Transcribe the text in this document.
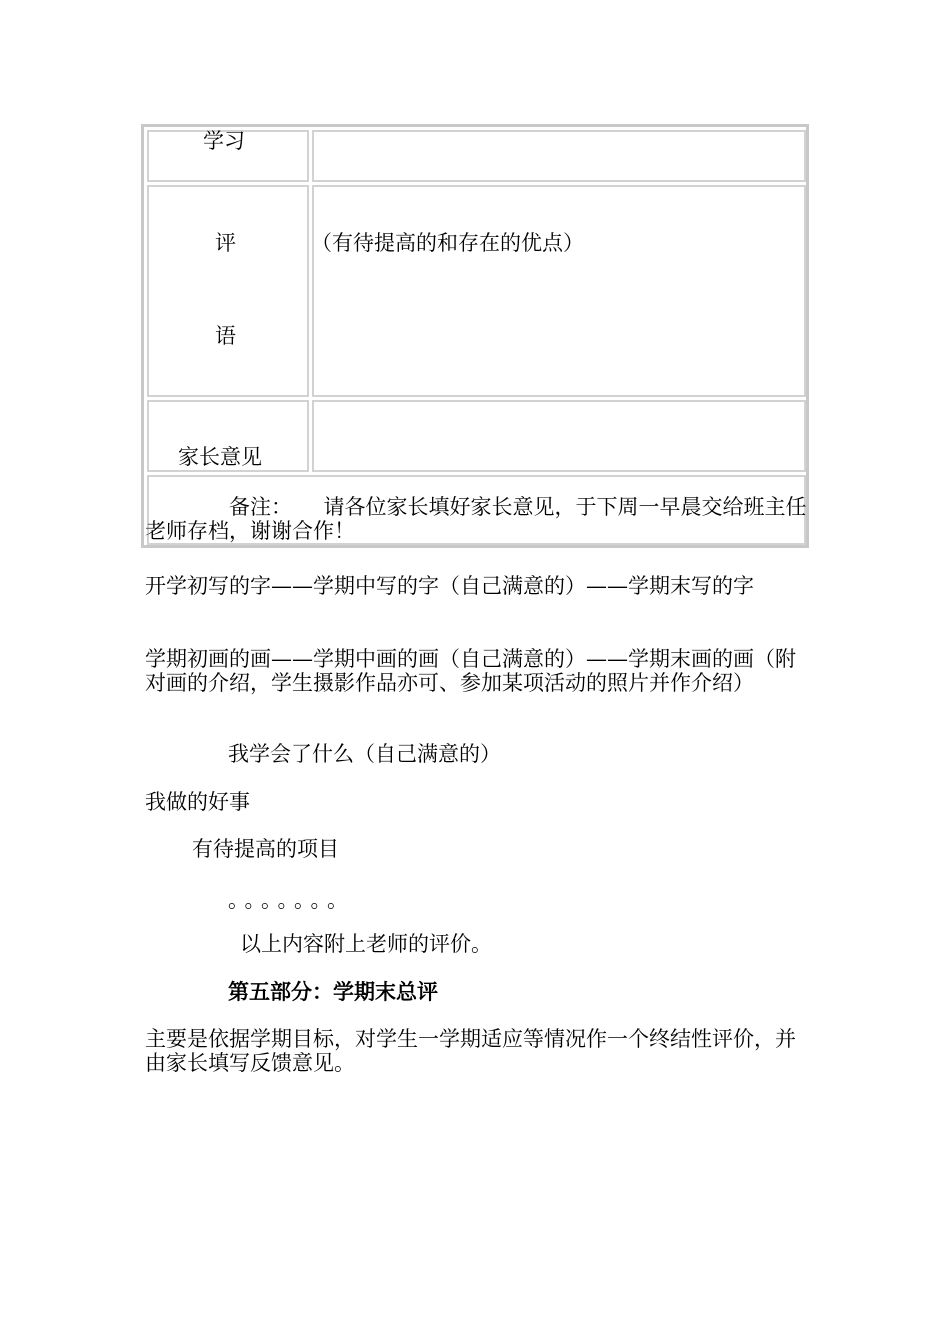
学习
评
语
（有待提高的和存在的优点）
家长意见
备注：　　请各位家长填好家长意见，于下周一早晨交给班主任老师存档，谢谢合作！
开学初写的字——学期中写的字（自己满意的）——学期末写的字
学期初画的画——学期中画的画（自己满意的）——学期末画的画（附对画的介绍，学生摄影作品亦可、参加某项活动的照片并作介绍）
我学会了什么（自己满意的）
我做的好事
有待提高的项目
。。。。。。。
以上内容附上老师的评价。
第五部分：学期末总评
主要是依据学期目标，对学生一学期适应等情况作一个终结性评价，并由家长填写反馈意见。
